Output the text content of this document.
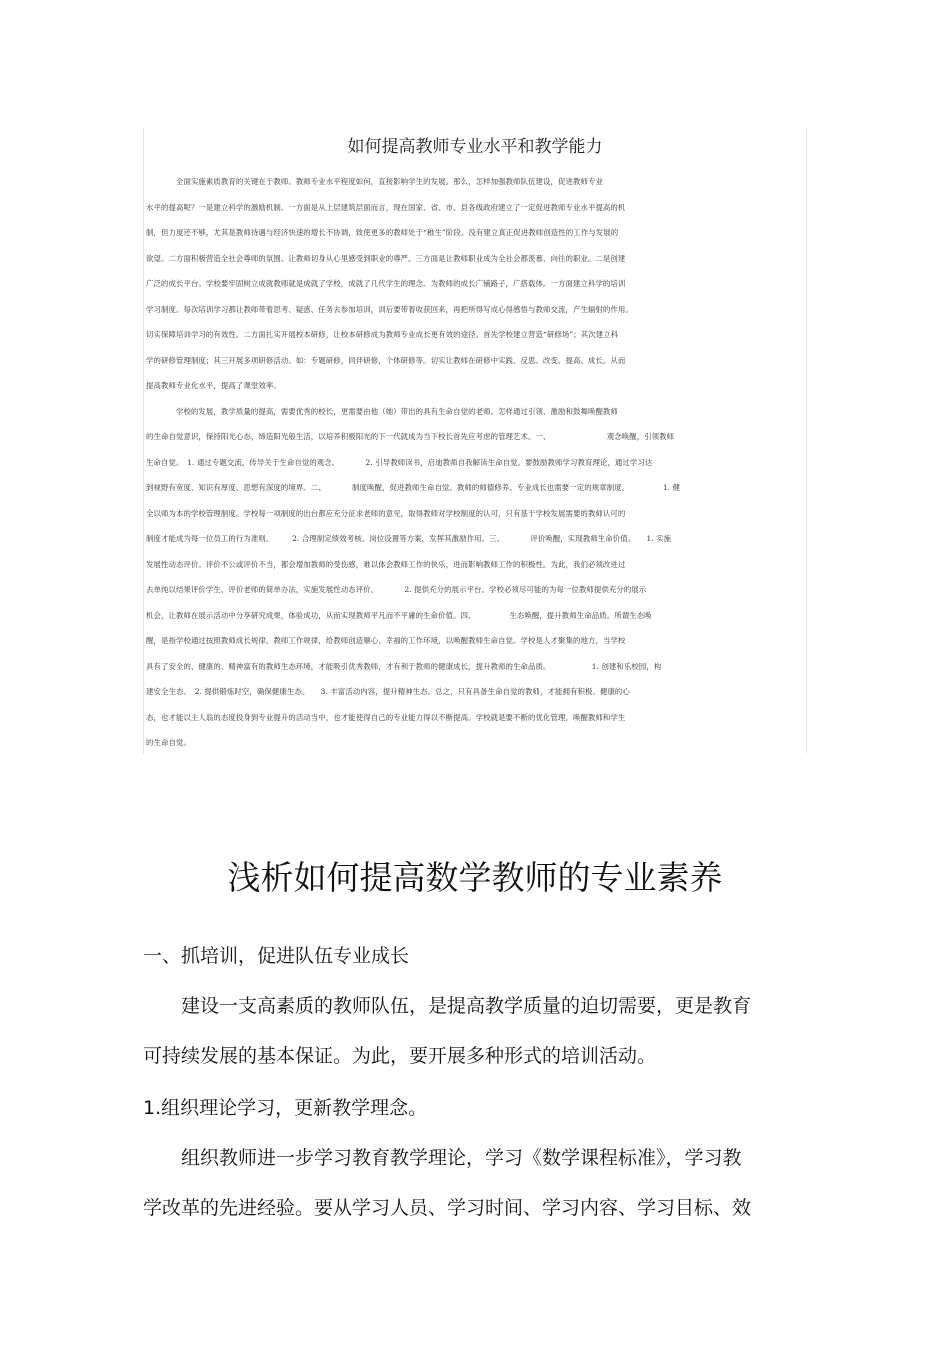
如何提高教师专业水平和教学能力
　　　　全面实施素质教育的关键在于教师。教师专业水平程度如何，直接影响学生的发展。那么，怎样加强教师队伍建设，促进教师专业
水平的提高呢？一是建立科学的激励机制。一方面是从上层建筑层面而言，现在国家、省、市、县各级政府建立了一定促进教师专业水平提高的机
制，但力度还不够，尤其是教师待遇与经济快速的增长不协调，致使更多的教师处于“稚生”阶段。没有建立真正促进教师创造性的工作与发展的
欲望。二方面积极营造全社会尊师的氛围。让教师切身从心里感受到职业的尊严。三方面是让教师职业成为全社会都羡慕、向往的职业。二是创建
广泛的成长平台。学校要牢固树立成就教师就是成就了学校，成就了几代学生的理念。为教师的成长广铺路子，广搭载体。一方面建立科学的培训
学习制度。每次培训学习都让教师带着思考、疑惑、任务去参加培训，训后要带着收获回来，再把所得写成心得感悟与教师交流，产生辐射的作用。
切实保障培训学习的有效性。二方面扎实开展校本研修，让校本研修成为教师专业成长更有效的途径。首先学校建立营造“研修场”；其次建立科
学的研修管理制度；其三开展多项研修活动。如：专题研修，同伴研修，个体研修等。切实让教师在研修中实践、反思、改变、提高、成长。从而
提高教师专业化水平，提高了课堂效率。
　　　　学校的发展，教学质量的提高，需要优秀的校长，更需要由他（她）带出的具有生命自觉的老师。怎样通过引领、激励和鼓舞唤醒教师
的生命自觉意识，保持阳光心态，缔造阳光般生活，以培养积极阳光的下一代就成为当下校长首先应考虑的管理艺术。一、　　　　　　　　观念唤醒，引领教师
生命自觉。　1. 通过专题交流，传导关于生命自觉的观念。　　　　2. 引导教师读书，启迪教师自我解读生命自觉。要鼓励教师学习教育理论，通过学习达
到视野有宽度、知识有厚度、思想有深度的境界。二、　　　　制度唤醒，促进教师生命自觉。教师的师德修养、专业成长也需要一定的规章制度。　　　　　1. 健
全以师为本的学校管理制度。学校每一项制度的出台都应充分征求老师的意见，取得教师对学校制度的认可，只有基于学校发展需要的教师认可的
制度才能成为每一位员工的行为准则。　　　2. 合理制定绩效考核、岗位设置等方案，发挥其激励作用。三、　　　　评价唤醒，实现教师生命价值。　　1. 实施
发展性动态评价。评价不公或评价不当，都会增加教师的受伤感，难以体会教师工作的快乐，进而影响教师工作的积极性。为此，我们必须改进过
去单纯以结果评价学生、评价老师的简单办法，实施发展性动态评价。　　　　2. 提供充分的展示平台。学校必须尽可能的为每一位教师提供充分的展示
机会，让教师在展示活动中分享研究成果，体验成功，从而实现教师平凡而不平庸的生命价值。四、　　　　　生态唤醒，提升教师生命品质。所谓生态唤
醒，是指学校通过按照教师成长规律，教师工作规律，给教师创造顺心、幸福的工作环境，以唤醒教师生命自觉。学校是人才聚集的地方，当学校
具有了安全的、健康的、精神富有的教师生态环境，才能吸引优秀教师，才有利于教师的健康成长，提升教师的生命品质。　　　　　　1. 创建和乐校园，构
建安全生态。　2. 提供锻炼时空，确保健康生态。　　3. 丰富活动内容，提升精神生态。总之，只有具备生命自觉的教师，才能拥有积极、健康的心
态，也才能以主人翁的态度投身到专业提升的活动当中，也才能使得自己的专业能力得以不断提高。学校就是要不断的优化管理，唤醒教师和学生
的生命自觉。
浅析如何提高数学教师的专业素养
一、抓培训，促进队伍专业成长
　　建设一支高素质的教师队伍，是提高教学质量的迫切需要，更是教育
可持续发展的基本保证。为此，要开展多种形式的培训活动。
1.组织理论学习，更新教学理念。
　　组织教师进一步学习教育教学理论，学习《数学课程标准》，学习教
学改革的先进经验。要从学习人员、学习时间、学习内容、学习目标、效
